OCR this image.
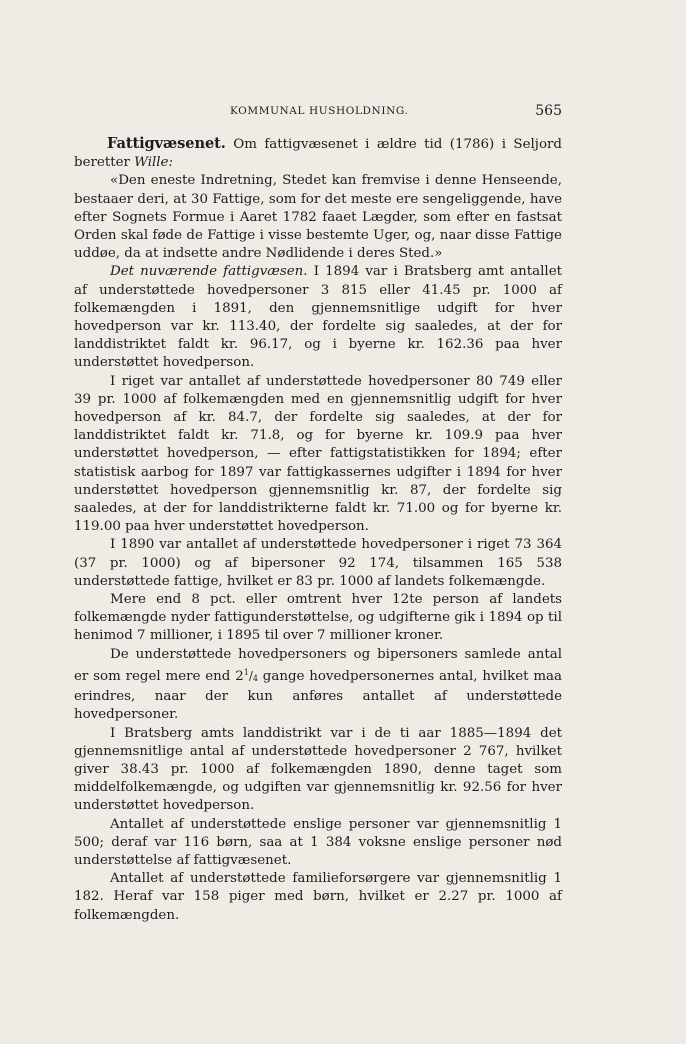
KOMMUNAL HUSHOLDNING.	565

Fattigvæsenet. Om fattigvæsenet i ældre tid (1786) i Seljord beretter Wille:

«Den eneste Indretning, Stedet kan fremvise i denne Henseende, bestaaer deri, at 30 Fattige, som for det meste ere sengeliggende, have efter Sognets Formue i Aaret 1782 faaet Lægder, som efter en fastsat Orden skal føde de Fattige i visse bestemte Uger, og, naar disse Fattige uddøe, da at indsette andre Nødlidende i deres Sted.»

Det nuværende fattigvæsen. I 1894 var i Bratsberg amt antallet af understøttede hovedpersoner 3 815 eller 41.45 pr. 1000 af folkemængden i 1891, den gjennemsnitlige udgift for hver hovedperson var kr. 113.40, der fordelte sig saaledes, at der for landdistriktet faldt kr. 96.17, og i byerne kr. 162.36 paa hver understøttet hovedperson.

I riget var antallet af understøttede hovedpersoner 80 749 eller 39 pr. 1000 af folkemængden med en gjennemsnitlig udgift for hver hovedperson af kr. 84.7, der fordelte sig saaledes, at der for landdistriktet faldt kr. 71.8, og for byerne kr. 109.9 paa hver understøttet hovedperson, — efter fattigstatistikken for 1894; efter statistisk aarbog for 1897 var fattigkassernes udgifter i 1894 for hver understøttet hovedperson gjennemsnitlig kr. 87, der fordelte sig saaledes, at der for landdistrikterne faldt kr. 71.00 og for byerne kr. 119.00 paa hver understøttet hovedperson.

I 1890 var antallet af understøttede hovedpersoner i riget 73 364 (37 pr. 1000) og af bipersoner 92 174, tilsammen 165 538 understøttede fattige, hvilket er 83 pr. 1000 af landets folkemængde.

Mere end 8 pct. eller omtrent hver 12te person af landets folkemængde nyder fattigunderstøttelse, og udgifterne gik i 1894 op til henimod 7 millioner, i 1895 til over 7 millioner kroner.

De understøttede hovedpersoners og bipersoners samlede antal er som regel mere end $2^1/_4$ gange hovedpersonernes antal, hvilket maa erindres, naar der kun anføres antallet af understøttede hovedpersoner.

I Bratsberg amts landdistrikt var i de ti aar 1885—1894 det gjennemsnitlige antal af understøttede hovedpersoner 2 767, hvilket giver 38.43 pr. 1000 af folkemængden 1890, denne taget som middelfolkemængde, og udgiften var gjennemsnitlig kr. 92.56 for hver understøttet hovedperson.

Antallet af understøttede enslige personer var gjennemsnitlig 1 500; deraf var 116 børn, saa at 1 384 voksne enslige personer nød understøttelse af fattigvæsenet.

Antallet af understøttede familieforsørgere var gjennemsnitlig 1 182. Heraf var 158 piger med børn, hvilket er 2.27 pr. 1000 af folkemængden.
